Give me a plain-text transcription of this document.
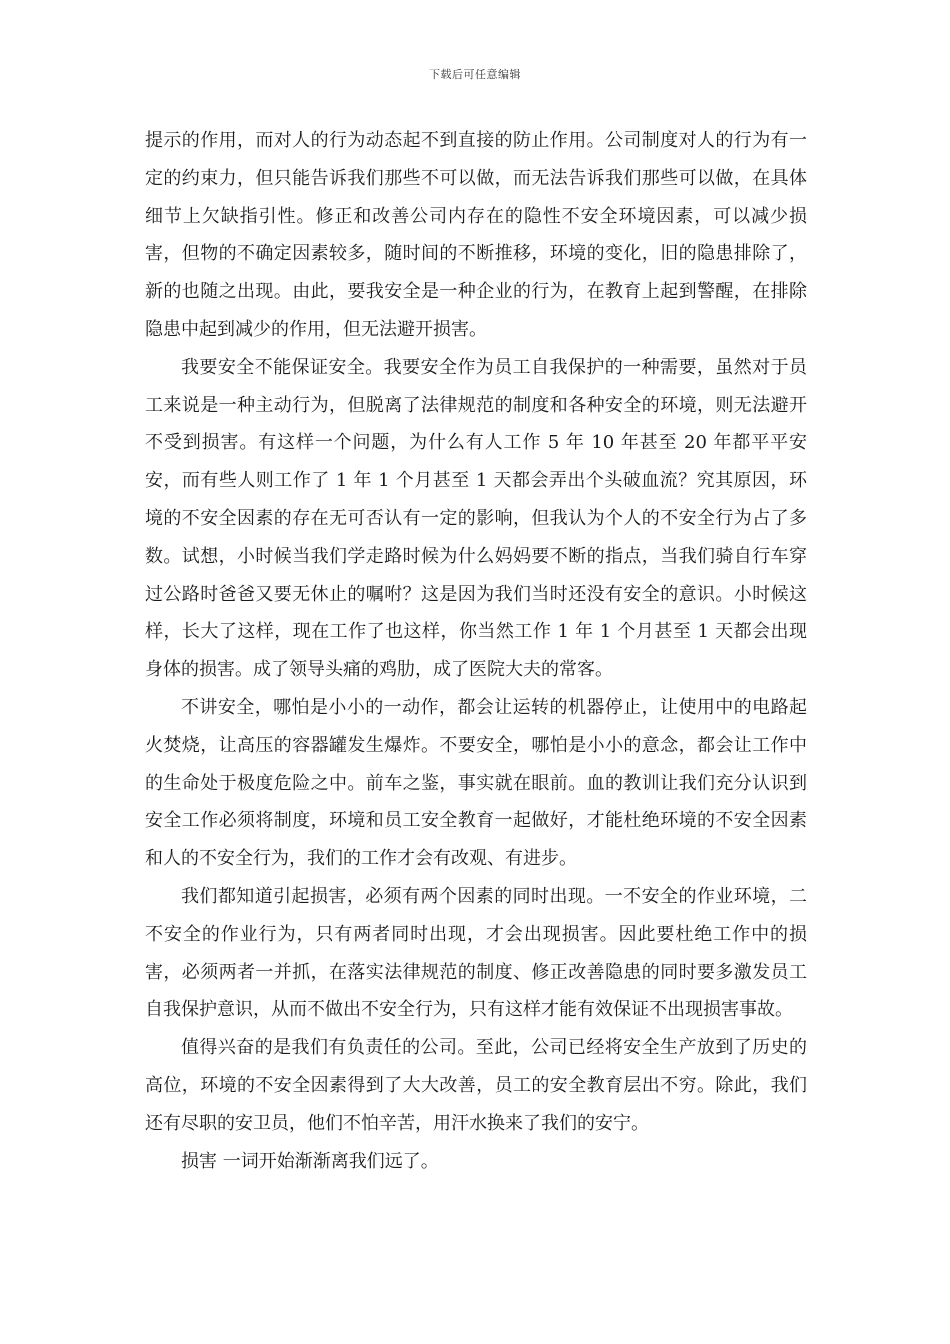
下载后可任意编辑

提示的作用，而对人的行为动态起不到直接的防止作用。公司制度对人的行为有一定的约束力，但只能告诉我们那些不可以做，而无法告诉我们那些可以做，在具体细节上欠缺指引性。修正和改善公司内存在的隐性不安全环境因素，可以减少损害，但物的不确定因素较多，随时间的不断推移，环境的变化，旧的隐患排除了，新的也随之出现。由此，要我安全是一种企业的行为，在教育上起到警醒，在排除隐患中起到减少的作用，但无法避开损害。

我要安全不能保证安全。我要安全作为员工自我保护的一种需要，虽然对于员工来说是一种主动行为，但脱离了法律规范的制度和各种安全的环境，则无法避开不受到损害。有这样一个问题，为什么有人工作 5 年 10 年甚至 20 年都平平安安，而有些人则工作了 1 年 1 个月甚至 1 天都会弄出个头破血流？究其原因，环境的不安全因素的存在无可否认有一定的影响，但我认为个人的不安全行为占了多数。试想，小时候当我们学走路时候为什么妈妈要不断的指点，当我们骑自行车穿过公路时爸爸又要无休止的嘱咐？这是因为我们当时还没有安全的意识。小时候这样，长大了这样，现在工作了也这样，你当然工作 1 年 1 个月甚至 1 天都会出现身体的损害。成了领导头痛的鸡肋，成了医院大夫的常客。

不讲安全，哪怕是小小的一动作，都会让运转的机器停止，让使用中的电路起火焚烧，让高压的容器罐发生爆炸。不要安全，哪怕是小小的意念，都会让工作中的生命处于极度危险之中。前车之鉴，事实就在眼前。血的教训让我们充分认识到安全工作必须将制度，环境和员工安全教育一起做好，才能杜绝环境的不安全因素和人的不安全行为，我们的工作才会有改观、有进步。

我们都知道引起损害，必须有两个因素的同时出现。一不安全的作业环境，二不安全的作业行为，只有两者同时出现，才会出现损害。因此要杜绝工作中的损害，必须两者一并抓，在落实法律规范的制度、修正改善隐患的同时要多激发员工自我保护意识，从而不做出不安全行为，只有这样才能有效保证不出现损害事故。

值得兴奋的是我们有负责任的公司。至此，公司已经将安全生产放到了历史的高位，环境的不安全因素得到了大大改善，员工的安全教育层出不穷。除此，我们还有尽职的安卫员，他们不怕辛苦，用汗水换来了我们的安宁。

损害 一词开始渐渐离我们远了。
